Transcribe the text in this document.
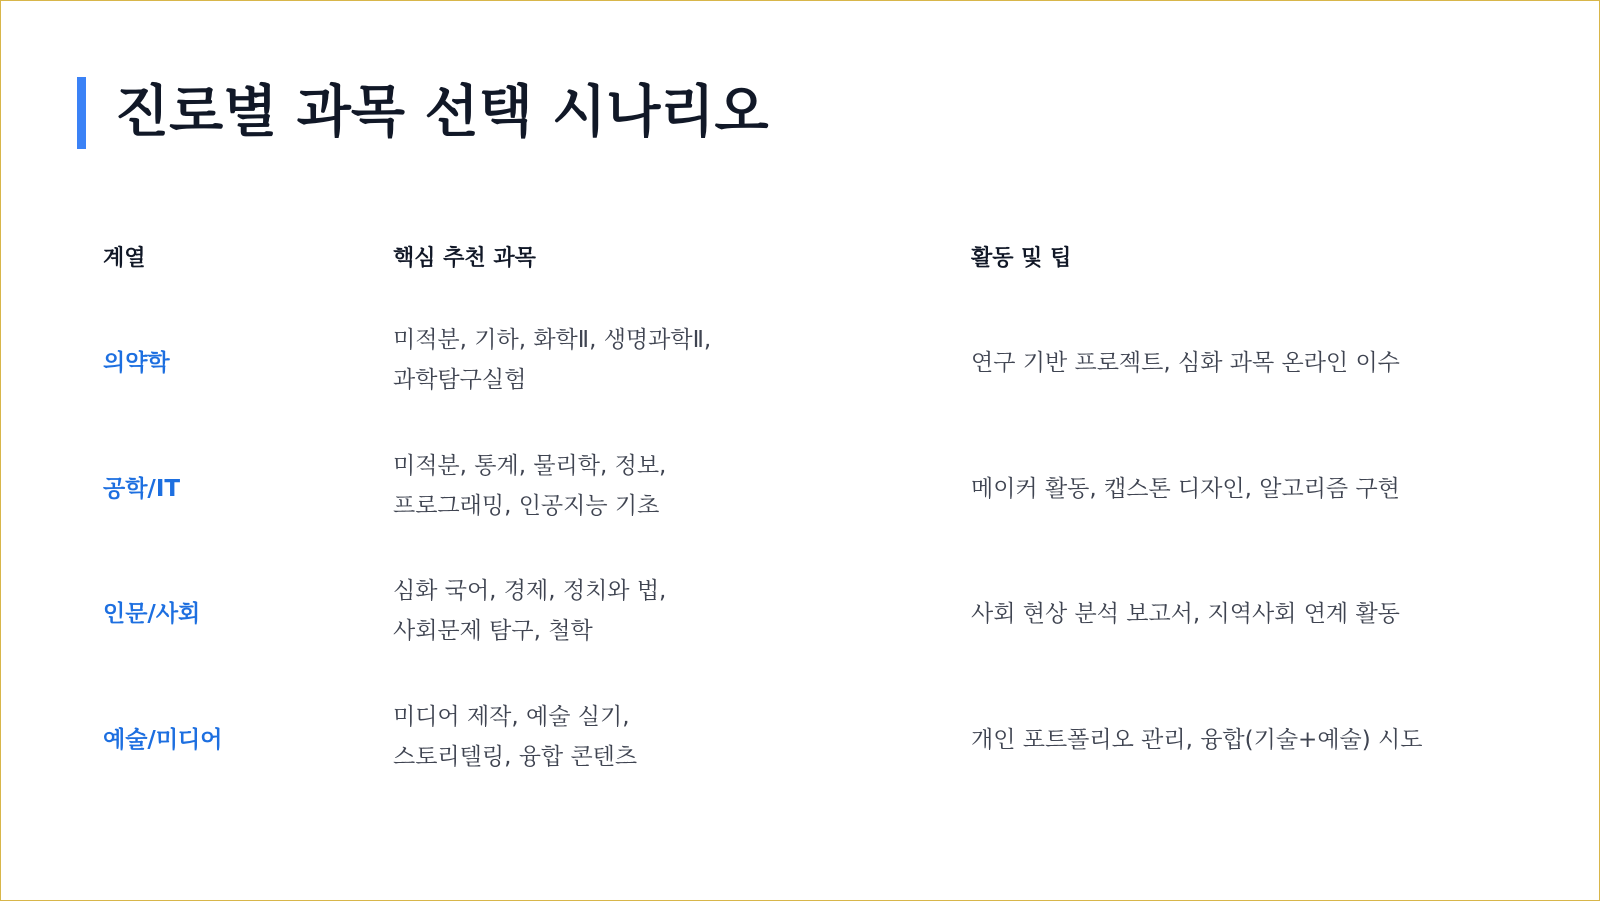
진로별 과목 선택 시나리오
계열	핵심 추천 과목	활동 및 팁
의약학
미적분, 기하, 화학Ⅱ, 생명과학Ⅱ,
과학탐구실험
연구 기반 프로젝트, 심화 과목 온라인 이수
공학/IT
미적분, 통계, 물리학, 정보,
프로그래밍, 인공지능 기초
메이커 활동, 캡스톤 디자인, 알고리즘 구현
인문/사회
심화 국어, 경제, 정치와 법,
사회문제 탐구, 철학
사회 현상 분석 보고서, 지역사회 연계 활동
예술/미디어
미디어 제작, 예술 실기,
스토리텔링, 융합 콘텐츠
개인 포트폴리오 관리, 융합(기술+예술) 시도
